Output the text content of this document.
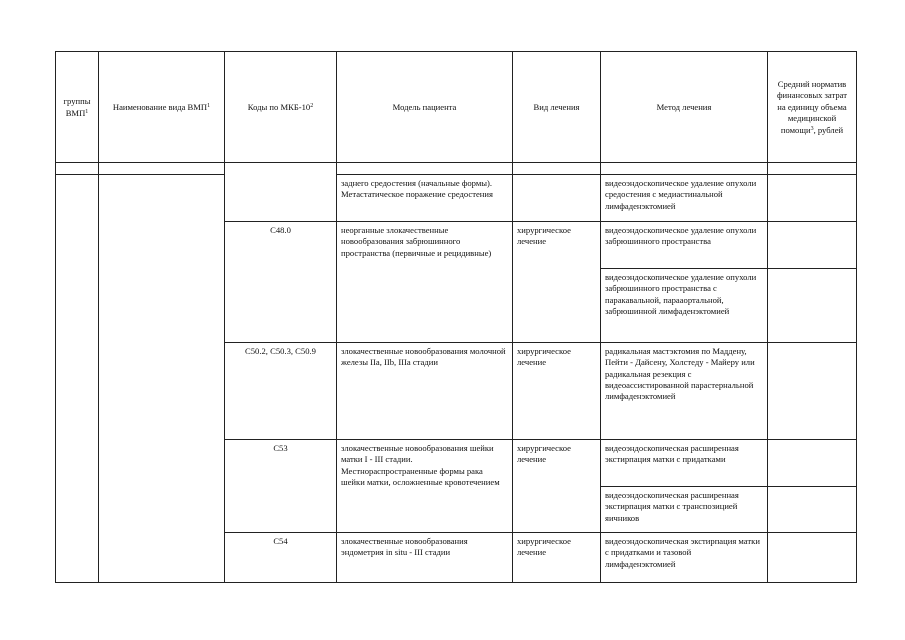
группы ВМП$^1$	Наименование вида ВМП$^1$	Коды по МКБ-$10^2$	Модель пациента	Вид лечения	Метод лечения	Средний норматив финансовых затрат на единицу объема медицинской помощи$^3$, рублей

			заднего средостения (начальные формы). Метастатическое поражение средостения		видеоэндоскопическое удаление опухоли средостения с медиастинальной лимфаденэктомией	
		C48.0	неорганные злокачественные новообразования забрюшинного пространства (первичные и рецидивные)	хирургическое лечение	видеоэндоскопическое удаление опухоли забрюшинного пространства	
					видеоэндоскопическое удаление опухоли забрюшинного пространства с паракавальной, парааортальной, забрюшинной лимфаденэктомией	
		C50.2, C50.3, C50.9	злокачественные новообразования молочной железы IIa, IIb, IIIa стадии	хирургическое лечение	радикальная мастэктомия по Маддену, Пейти - Дайсену, Холстеду - Майеру или радикальная резекция с видеоассистированной парастернальной лимфаденэктомией	
		C53	злокачественные новообразования шейки матки I - III стадии. Местнораспространенные формы рака шейки матки, осложненные кровотечением	хирургическое лечение	видеоэндоскопическая расширенная экстирпация матки с придатками	
					видеоэндоскопическая расширенная экстирпация матки с транспозицией яичников	
		C54	злокачественные новообразования эндометрия in situ - III стадии	хирургическое лечение	видеоэндоскопическая экстирпация матки с придатками и тазовой лимфаденэктомией	
